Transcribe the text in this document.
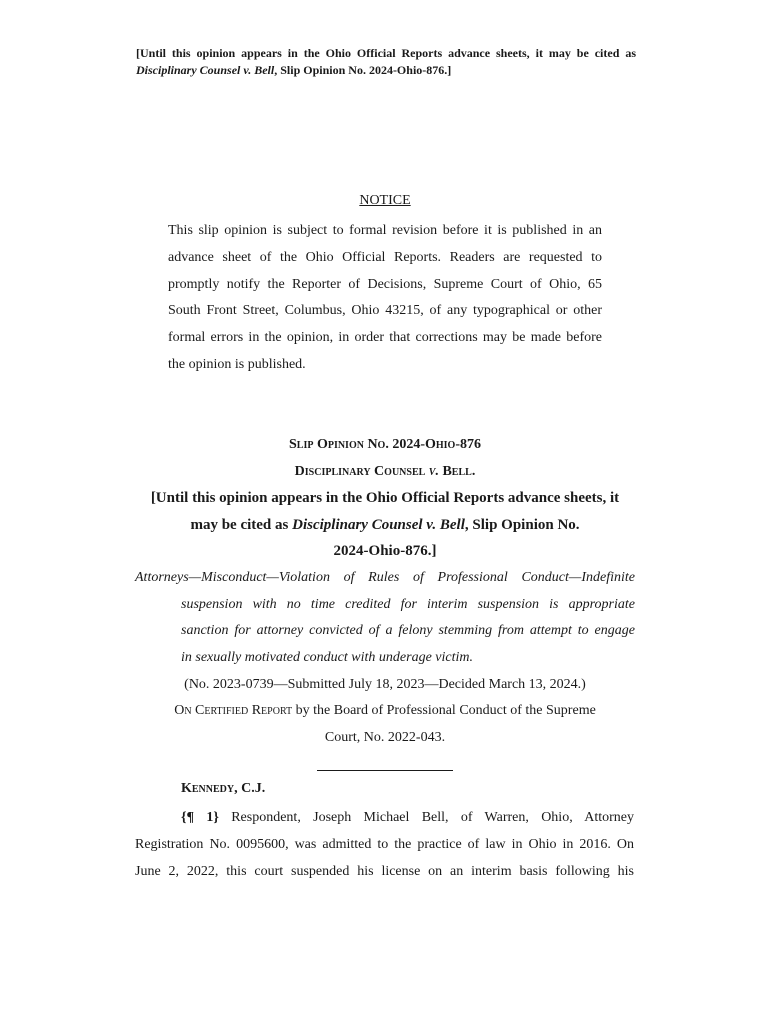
[Until this opinion appears in the Ohio Official Reports advance sheets, it may be cited as
Disciplinary Counsel v. Bell, Slip Opinion No. 2024-Ohio-876.]
NOTICE
This slip opinion is subject to formal revision before it is published in an
advance sheet of the Ohio Official Reports. Readers are requested to
promptly notify the Reporter of Decisions, Supreme Court of Ohio, 65
South Front Street, Columbus, Ohio 43215, of any typographical or other
formal errors in the opinion, in order that corrections may be made before
the opinion is published.
Slip Opinion No. 2024-Ohio-876
Disciplinary Counsel v. Bell.
[Until this opinion appears in the Ohio Official Reports advance sheets, it
may be cited as Disciplinary Counsel v. Bell, Slip Opinion No.
2024-Ohio-876.]
Attorneys—Misconduct—Violation of Rules of Professional Conduct—Indefinite
suspension with no time credited for interim suspension is appropriate
sanction for attorney convicted of a felony stemming from attempt to engage
in sexually motivated conduct with underage victim.
(No. 2023-0739—Submitted July 18, 2023—Decided March 13, 2024.)
On Certified Report by the Board of Professional Conduct of the Supreme
Court, No. 2022-043.
Kennedy, C.J.
{¶ 1} Respondent, Joseph Michael Bell, of Warren, Ohio, Attorney
Registration No. 0095600, was admitted to the practice of law in Ohio in 2016. On
June 2, 2022, this court suspended his license on an interim basis following his
